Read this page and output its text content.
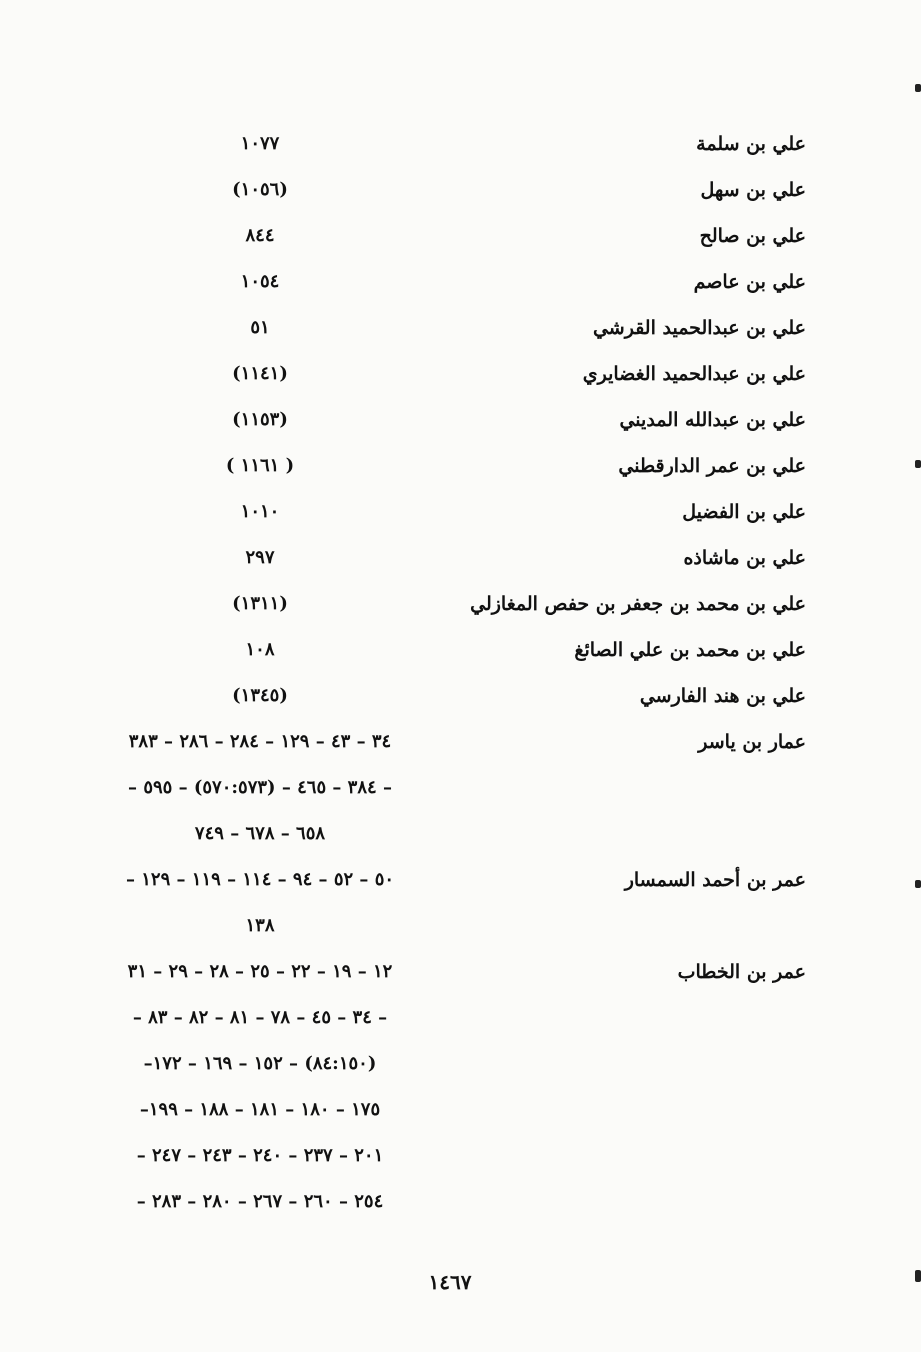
علي بن سلمة
١٠٧٧
علي بن سهل
(١٠٥٦)
علي بن صالح
٨٤٤
علي بن عاصم
١٠٥٤
علي بن عبدالحميد القرشي
٥١
علي بن عبدالحميد الغضايري
(١١٤١)
علي بن عبدالله المديني
(١١٥٣)
علي بن عمر الدارقطني
( ١١٦١ )
علي بن الفضيل
١٠١٠
علي بن ماشاذه
٢٩٧
علي بن محمد بن جعفر بن حفص المغازلي
(١٣١١)
علي بن محمد بن علي الصائغ
١٠٨
علي بن هند الفارسي
(١٣٤٥)
عمار بن ياسر
٣٤ – ٤٣ – ١٢٩ – ٢٨٤ – ٢٨٦ – ٣٨٣
– ٣٨٤ – ٤٦٥ – (٥٧٠:٥٧٣) – ٥٩٥ –
٦٥٨ – ٦٧٨ – ٧٤٩
عمر بن أحمد السمسار
٥٠ – ٥٢ – ٩٤ – ١١٤ – ١١٩ – ١٢٩ –
١٣٨
عمر بن الخطاب
١٢ – ١٩ – ٢٢ – ٢٥ – ٢٨ – ٢٩ – ٣١
– ٣٤ – ٤٥ – ٧٨ – ٨١ – ٨٢ – ٨٣ –
(٨٤:١٥٠) – ١٥٢ – ١٦٩ – ١٧٢–
١٧٥ – ١٨٠ – ١٨١ – ١٨٨ – ١٩٩–
٢٠١ – ٢٣٧ – ٢٤٠ – ٢٤٣ – ٢٤٧ –
٢٥٤ – ٢٦٠ – ٢٦٧ – ٢٨٠ – ٢٨٣ –
١٤٦٧
